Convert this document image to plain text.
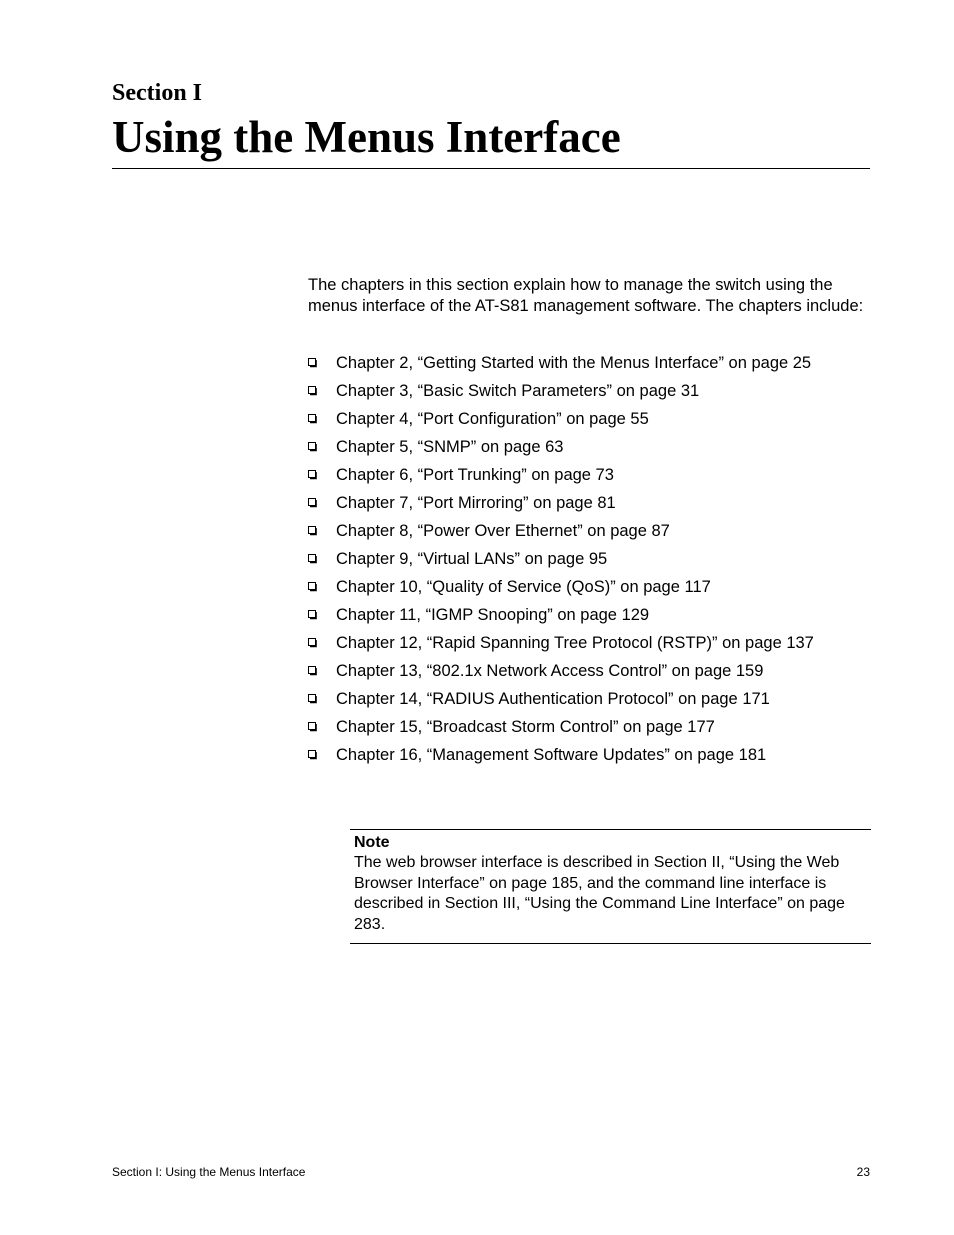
Section I
Using the Menus Interface

The chapters in this section explain how to manage the switch using the menus interface of the AT-S81 management software. The chapters include:

Chapter 2, “Getting Started with the Menus Interface” on page 25
Chapter 3, “Basic Switch Parameters” on page 31
Chapter 4, “Port Configuration” on page 55
Chapter 5, “SNMP” on page 63
Chapter 6, “Port Trunking” on page 73
Chapter 7, “Port Mirroring” on page 81
Chapter 8, “Power Over Ethernet” on page 87
Chapter 9, “Virtual LANs” on page 95
Chapter 10, “Quality of Service (QoS)” on page 117
Chapter 11, “IGMP Snooping” on page 129
Chapter 12, “Rapid Spanning Tree Protocol (RSTP)” on page 137
Chapter 13, “802.1x Network Access Control” on page 159
Chapter 14, “RADIUS Authentication Protocol” on page 171
Chapter 15, “Broadcast Storm Control” on page 177
Chapter 16, “Management Software Updates” on page 181

Note

The web browser interface is described in Section II, “Using the Web Browser Interface” on page 185, and the command line interface is described in Section III, “Using the Command Line Interface” on page 283.

Section I: Using the Menus Interface	23
